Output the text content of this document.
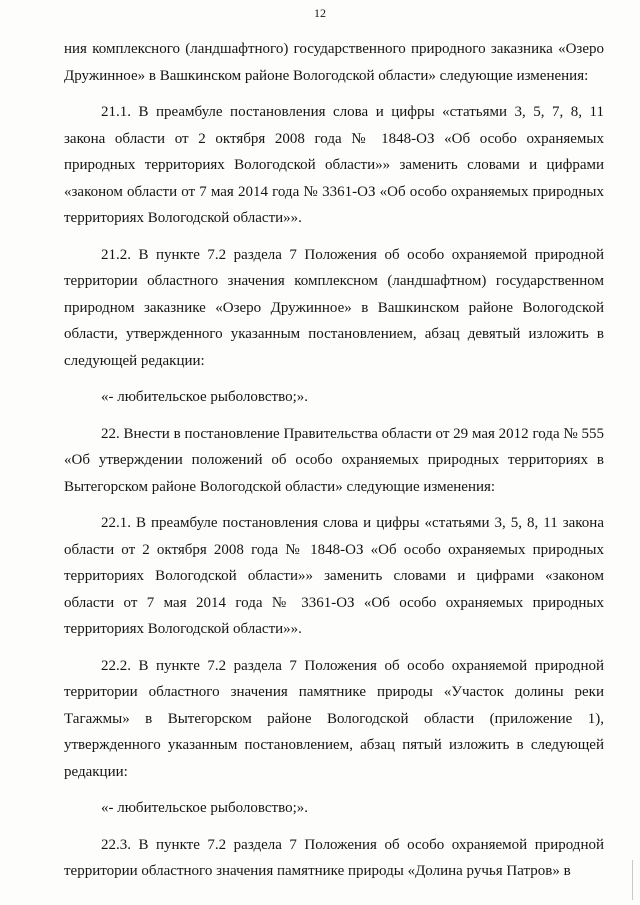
12

ния комплексного (ландшафтного) государственного природного заказника «Озеро Дружинное» в Вашкинском районе Вологодской области» следующие изменения:

21.1. В преамбуле постановления слова и цифры «статьями 3, 5, 7, 8, 11 закона области от 2 октября 2008 года № 1848-ОЗ «Об особо охраняемых природных территориях Вологодской области»» заменить словами и цифрами «законом области от 7 мая 2014 года № 3361-ОЗ «Об особо охраняемых природных территориях Вологодской области»».

21.2. В пункте 7.2 раздела 7 Положения об особо охраняемой природной территории областного значения комплексном (ландшафтном) государственном природном заказнике «Озеро Дружинное» в Вашкинском районе Вологодской области, утвержденного указанным постановлением, абзац девятый изложить в следующей редакции:

«- любительское рыболовство;».

22. Внести в постановление Правительства области от 29 мая 2012 года № 555 «Об утверждении положений об особо охраняемых природных территориях в Вытегорском районе Вологодской области» следующие изменения:

22.1. В преамбуле постановления слова и цифры «статьями 3, 5, 8, 11 закона области от 2 октября 2008 года № 1848-ОЗ «Об особо охраняемых природных территориях Вологодской области»» заменить словами и цифрами «законом области от 7 мая 2014 года № 3361-ОЗ «Об особо охраняемых природных территориях Вологодской области»».

22.2. В пункте 7.2 раздела 7 Положения об особо охраняемой природной территории областного значения памятнике природы «Участок долины реки Тагажмы» в Вытегорском районе Вологодской области (приложение 1), утвержденного указанным постановлением, абзац пятый изложить в следующей редакции:

«- любительское рыболовство;».

22.3. В пункте 7.2 раздела 7 Положения об особо охраняемой природной территории областного значения памятнике природы «Долина ручья Патров» в
